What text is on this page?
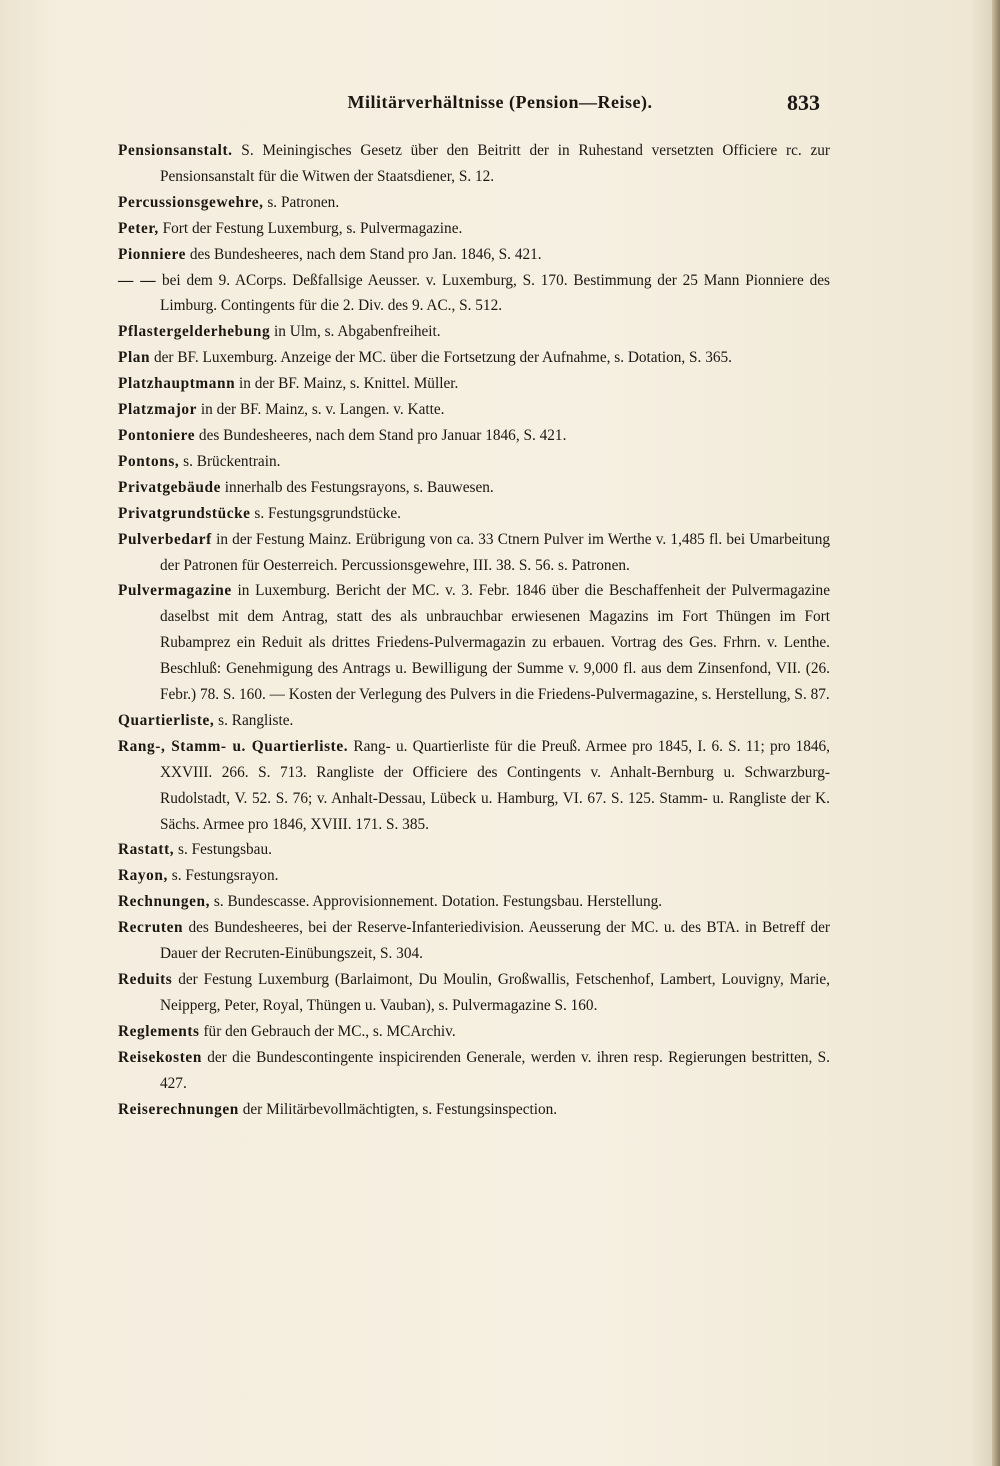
Militärverhältnisse (Pension—Reise).	833

Pensionsanstalt. S. Meiningisches Gesetz über den Beitritt der in Ruhestand versetzten Officiere rc. zur Pensionsanstalt für die Witwen der Staatsdiener, S. 12.

Percussionsgewehre, s. Patronen.

Peter, Fort der Festung Luxemburg, s. Pulvermagazine.

Pionniere des Bundesheeres, nach dem Stand pro Jan. 1846, S. 421.

— — bei dem 9. ACorps. Deßfallsige Aeusser. v. Luxemburg, S. 170. Bestimmung der 25 Mann Pionniere des Limburg. Contingents für die 2. Div. des 9. AC., S. 512.

Pflastergelderhebung in Ulm, s. Abgabenfreiheit.

Plan der BF. Luxemburg. Anzeige der MC. über die Fortsetzung der Aufnahme, s. Dotation, S. 365.

Platzhauptmann in der BF. Mainz, s. Knittel. Müller.

Platzmajor in der BF. Mainz, s. v. Langen. v. Katte.

Pontoniere des Bundesheeres, nach dem Stand pro Januar 1846, S. 421.

Pontons, s. Brückentrain.

Privatgebäude innerhalb des Festungsrayons, s. Bauwesen.

Privatgrundstücke s. Festungsgrundstücke.

Pulverbedarf in der Festung Mainz. Erübrigung von ca. 33 Ctnern Pulver im Werthe v. 1,485 fl. bei Umarbeitung der Patronen für Oesterreich. Percussionsgewehre, III. 38. S. 56. s. Patronen.

Pulvermagazine in Luxemburg. Bericht der MC. v. 3. Febr. 1846 über die Beschaffenheit der Pulvermagazine daselbst mit dem Antrag, statt des als unbrauchbar erwiesenen Magazins im Fort Thüngen im Fort Rubamprez ein Reduit als drittes Friedens-Pulvermagazin zu erbauen. Vortrag des Ges. Frhrn. v. Lenthe. Beschluß: Genehmigung des Antrags u. Bewilligung der Summe v. 9,000 fl. aus dem Zinsenfond, VII. (26. Febr.) 78. S. 160. — Kosten der Verlegung des Pulvers in die Friedens-Pulvermagazine, s. Herstellung, S. 87.

Quartierliste, s. Rangliste.

Rang-, Stamm- u. Quartierliste. Rang- u. Quartierliste für die Preuß. Armee pro 1845, I. 6. S. 11; pro 1846, XXVIII. 266. S. 713. Rangliste der Officiere des Contingents v. Anhalt-Bernburg u. Schwarzburg-Rudolstadt, V. 52. S. 76; v. Anhalt-Dessau, Lübeck u. Hamburg, VI. 67. S. 125. Stamm- u. Rangliste der K. Sächs. Armee pro 1846, XVIII. 171. S. 385.

Rastatt, s. Festungsbau.

Rayon, s. Festungsrayon.

Rechnungen, s. Bundescasse. Approvisionnement. Dotation. Festungsbau. Herstellung.

Recruten des Bundesheeres, bei der Reserve-Infanteriedivision. Aeusserung der MC. u. des BTA. in Betreff der Dauer der Recruten-Einübungszeit, S. 304.

Reduits der Festung Luxemburg (Barlaimont, Du Moulin, Großwallis, Fetschenhof, Lambert, Louvigny, Marie, Neipperg, Peter, Royal, Thüngen u. Vauban), s. Pulvermagazine S. 160.

Reglements für den Gebrauch der MC., s. MCArchiv.

Reisekosten der die Bundescontingente inspicirenden Generale, werden v. ihren resp. Regierungen bestritten, S. 427.

Reiserechnungen der Militärbevollmächtigten, s. Festungsinspection.
